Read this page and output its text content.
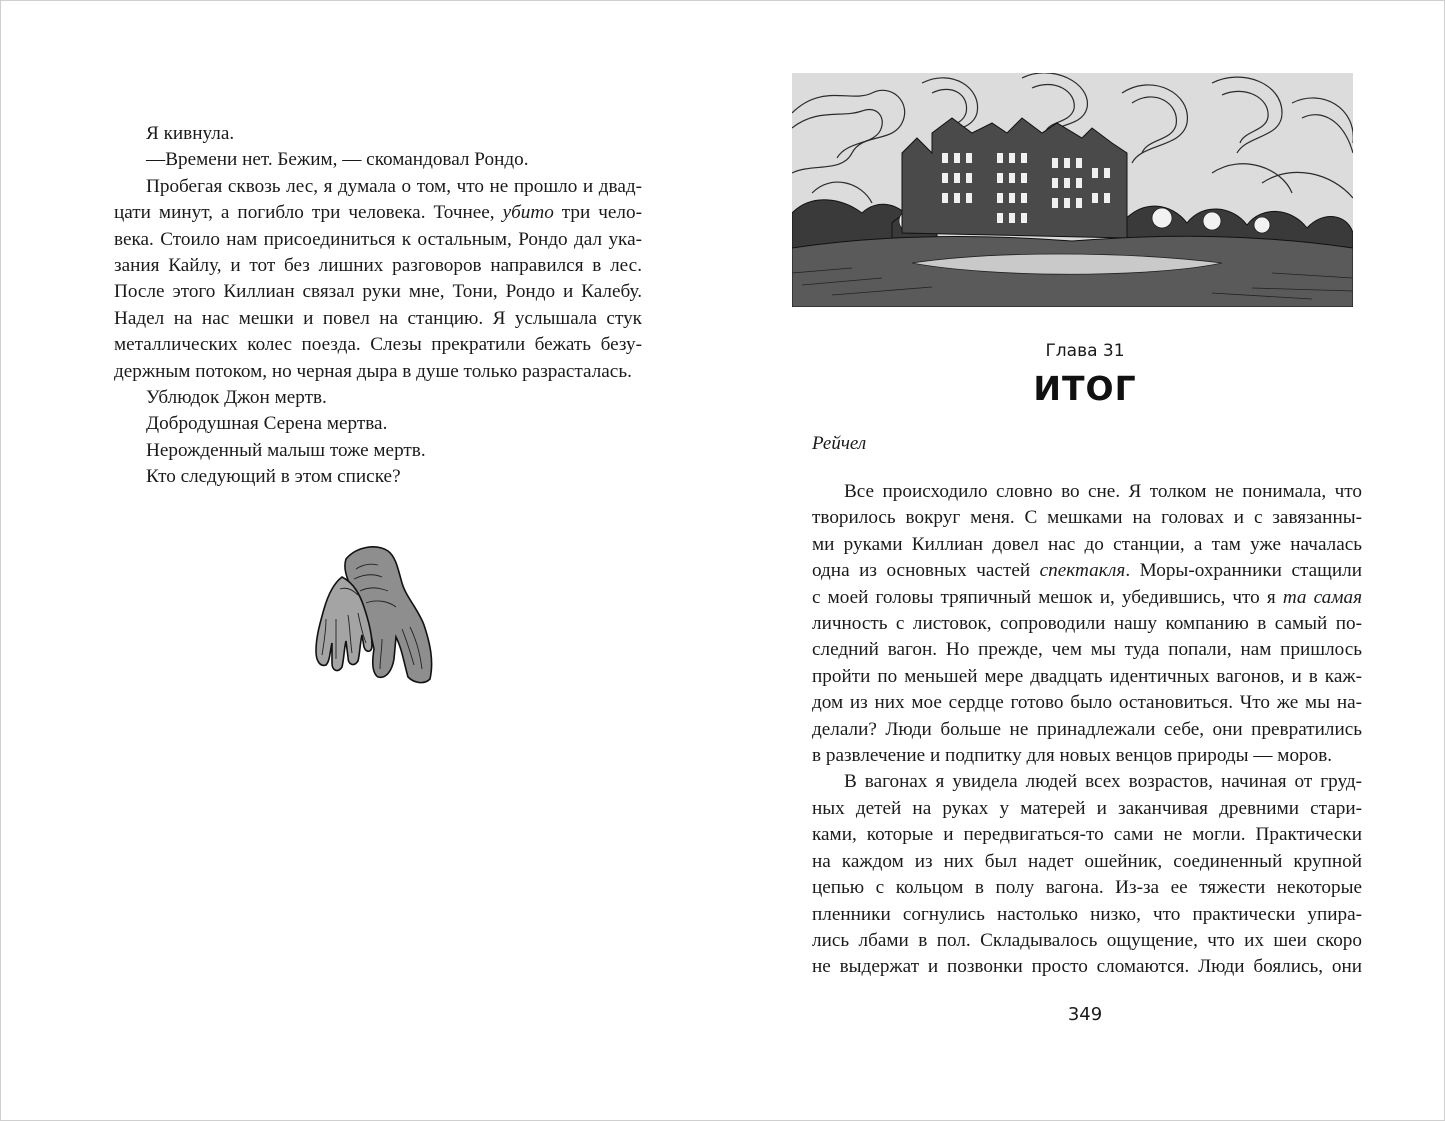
Я кивнула.
—Времени нет. Бежим, — скомандовал Рондо.
Пробегая сквозь лес, я думала о том, что не прошло и двад-
цати минут, а погибло три человека. Точнее, убито три чело-
века. Стоило нам присоединиться к остальным, Рондо дал ука-
зания Кайлу, и тот без лишних разговоров направился в лес.
После этого Киллиан связал руки мне, Тони, Рондо и Калебу.
Надел на нас мешки и повел на станцию. Я услышала стук
металлических колес поезда. Слезы прекратили бежать безу-
держным потоком, но черная дыра в душе только разрасталась.
Ублюдок Джон мертв.
Добродушная Серена мертва.
Нерожденный малыш тоже мертв.
Кто следующий в этом списке?
Глава 31
ИТОГ
Рейчел
Все происходило словно во сне. Я толком не понимала, что
творилось вокруг меня. С мешками на головах и с завязанны-
ми руками Киллиан довел нас до станции, а там уже началась
одна из основных частей спектакля. Моры-охранники стащили
с моей головы тряпичный мешок и, убедившись, что я та самая
личность с листовок, сопроводили нашу компанию в самый по-
следний вагон. Но прежде, чем мы туда попали, нам пришлось
пройти по меньшей мере двадцать идентичных вагонов, и в каж-
дом из них мое сердце готово было остановиться. Что же мы на-
делали? Люди больше не принадлежали себе, они превратились
в развлечение и подпитку для новых венцов природы — моров.
В вагонах я увидела людей всех возрастов, начиная от груд-
ных детей на руках у матерей и заканчивая древними стари-
ками, которые и передвигаться-то сами не могли. Практически
на каждом из них был надет ошейник, соединенный крупной
цепью с кольцом в полу вагона. Из-за ее тяжести некоторые
пленники согнулись настолько низко, что практически упира-
лись лбами в пол. Складывалось ощущение, что их шеи скоро
не выдержат и позвонки просто сломаются. Люди боялись, они
349
